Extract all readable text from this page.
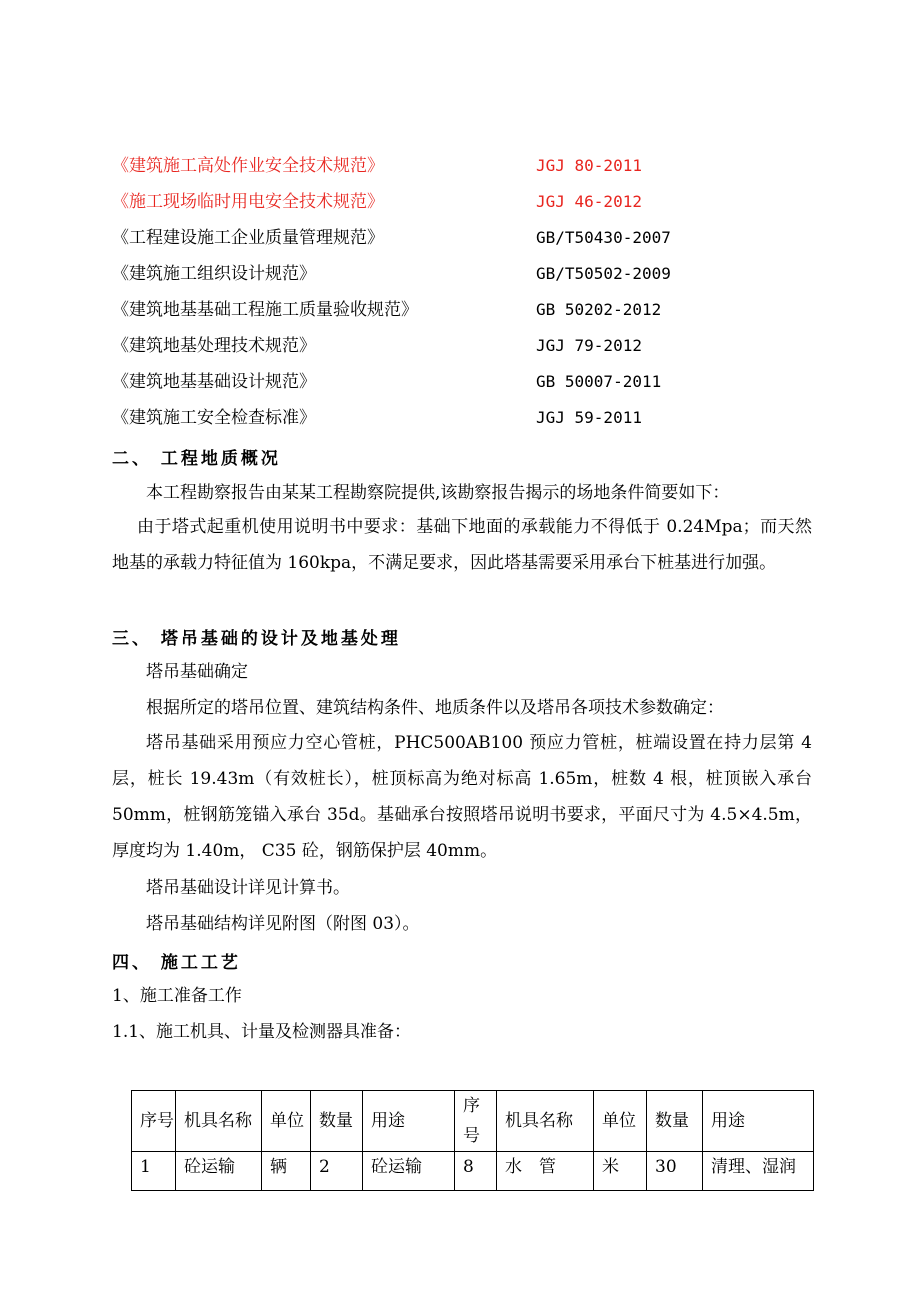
《建筑施工高处作业安全技术规范》	JGJ 80-2011
《施工现场临时用电安全技术规范》	JGJ 46-2012
《工程建设施工企业质量管理规范》	GB/T50430-2007
《建筑施工组织设计规范》	GB/T50502-2009
《建筑地基基础工程施工质量验收规范》	GB 50202-2012
《建筑地基处理技术规范》	JGJ 79-2012
《建筑地基基础设计规范》	GB 50007-2011
《建筑施工安全检查标准》	JGJ 59-2011
二、 工程地质概况
本工程勘察报告由某某工程勘察院提供,该勘察报告揭示的场地条件简要如下：
由于塔式起重机使用说明书中要求：基础下地面的承载能力不得低于 0.24Mpa；而天然地基的承载力特征值为 160kpa，不满足要求，因此塔基需要采用承台下桩基进行加强。
三、 塔吊基础的设计及地基处理
塔吊基础确定
根据所定的塔吊位置、建筑结构条件、地质条件以及塔吊各项技术参数确定：
塔吊基础采用预应力空心管桩，PHC500AB100 预应力管桩，桩端设置在持力层第 4层，桩长 19.43m（有效桩长），桩顶标高为绝对标高 1.65m，桩数 4 根，桩顶嵌入承台 50mm，桩钢筋笼锚入承台 35d。基础承台按照塔吊说明书要求，平面尺寸为 4.5×4.5m，厚度均为 1.40m， C35 砼，钢筋保护层 40mm。
塔吊基础设计详见计算书。
塔吊基础结构详见附图（附图 03）。
四、 施工工艺
1、施工准备工作
1.1、施工机具、计量及检测器具准备：
序号	机具名称	单位	数量	用途	序号	机具名称	单位	数量	用途
1	砼运输	辆	2	砼运输	8	水　管	米	30	清理、湿润
